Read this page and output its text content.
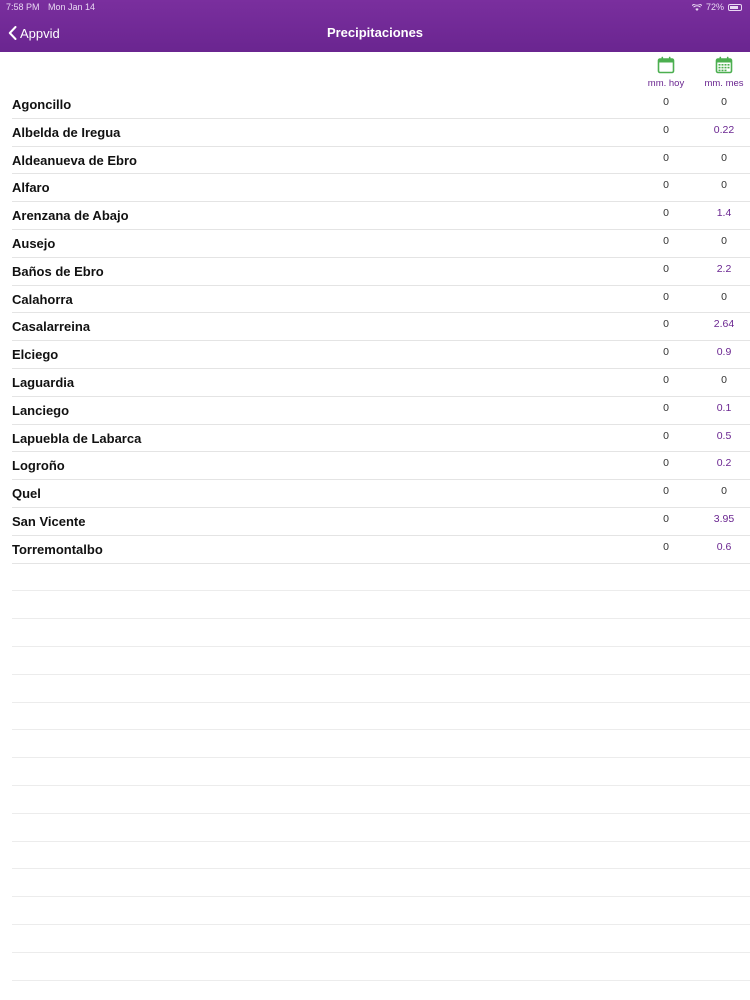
7:58 PM Mon Jan 14	72%
Appvid	Precipitaciones
mm. hoy	mm. mes
Agoncillo	0	0
Albelda de Iregua	0	0.22
Aldeanueva de Ebro	0	0
Alfaro	0	0
Arenzana de Abajo	0	1.4
Ausejo	0	0
Baños de Ebro	0	2.2
Calahorra	0	0
Casalarreina	0	2.64
Elciego	0	0.9
Laguardia	0	0
Lanciego	0	0.1
Lapuebla de Labarca	0	0.5
Logroño	0	0.2
Quel	0	0
San Vicente	0	3.95
Torremontalbo	0	0.6
